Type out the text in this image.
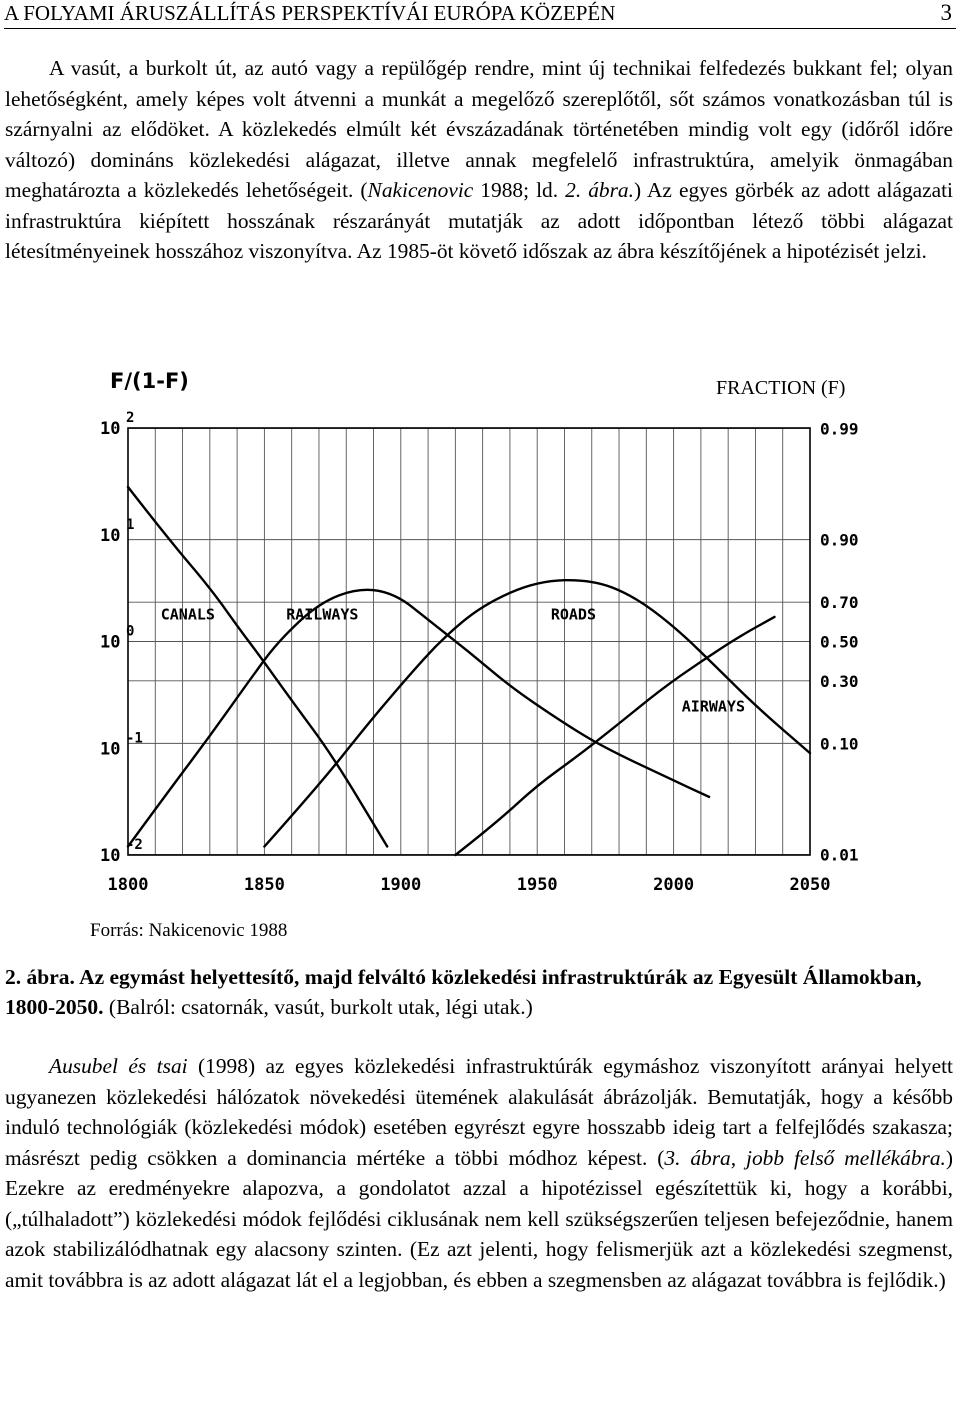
A FOLYAMI ÁRUSZÁLLÍTÁS PERSPEKTÍVÁI EURÓPA KÖZEPÉN	3

A vasút, a burkolt út, az autó vagy a repülőgép rendre, mint új technikai felfedezés bukkant fel; olyan lehetőségként, amely képes volt átvenni a munkát a megelőző szereplőtől, sőt számos vonatkozásban túl is szárnyalni az elődöket. A közlekedés elmúlt két évszázadának történetében mindig volt egy (időről időre változó) domináns közlekedési alágazat, illetve annak megfelelő infrastruktúra, amelyik önmagában meghatározta a közlekedés lehetőségeit. (Nakicenovic 1988; ld. 2. ábra.) Az egyes görbék az adott alágazati infrastruktúra kiépített hosszának részarányát mutatják az adott időpontban létező többi alágazat létesítményeinek hosszához viszonyítva. Az 1985-öt követő időszak az ábra készítőjének a hipotézisét jelzi.

F/(1-F)	FRACTION (F)
10
2
10
1
10
0
10
-1
10
-2
0.99
0.90
0.70
0.50
0.30
0.10
0.01
1800	1850	1900	1950	2000	2050
CANALS	RAILWAYS	ROADS
AIRWAYS
Forrás: Nakicenovic 1988
2. ábra. Az egymást helyettesítő, majd felváltó közlekedési infrastruktúrák az Egyesült Államokban, 1800-2050. (Balról: csatornák, vasút, burkolt utak, légi utak.)

Ausubel és tsai (1998) az egyes közlekedési infrastruktúrák egymáshoz viszonyított arányai helyett ugyanezen közlekedési hálózatok növekedési ütemének alakulását ábrázolják. Bemutatják, hogy a később induló technológiák (közlekedési módok) esetében egyrészt egyre hosszabb ideig tart a felfejlődés szakasza; másrészt pedig csökken a dominancia mértéke a többi módhoz képest. (3. ábra, jobb felső mellékábra.) Ezekre az eredményekre alapozva, a gondolatot azzal a hipotézissel egészítettük ki, hogy a korábbi, („túlhaladott”) közlekedési módok fejlődési ciklusának nem kell szükségszerűen teljesen befejeződnie, hanem azok stabilizálódhatnak egy alacsony szinten. (Ez azt jelenti, hogy felismerjük azt a közlekedési szegmenst, amit továbbra is az adott alágazat lát el a legjobban, és ebben a szegmensben az alágazat továbbra is fejlődik.)
